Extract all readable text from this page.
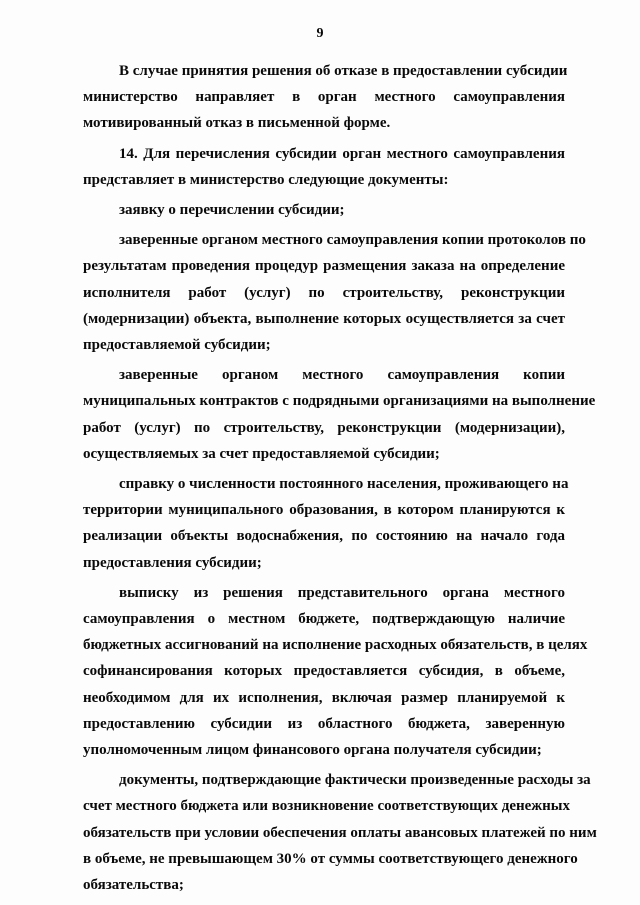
9

В случае принятия решения об отказе в предоставлении субсидии
министерство направляет в орган местного самоуправления
мотивированный отказ в письменной форме.

14. Для перечисления субсидии орган местного самоуправления
представляет в министерство следующие документы:

заявку о перечислении субсидии;

заверенные органом местного самоуправления копии протоколов по
результатам проведения процедур размещения заказа на определение
исполнителя работ (услуг) по строительству, реконструкции
(модернизации) объекта, выполнение которых осуществляется за счет
предоставляемой субсидии;

заверенные органом местного самоуправления копии
муниципальных контрактов с подрядными организациями на выполнение
работ (услуг) по строительству, реконструкции (модернизации),
осуществляемых за счет предоставляемой субсидии;

справку о численности постоянного населения, проживающего на
территории муниципального образования, в котором планируются к
реализации объекты водоснабжения, по состоянию на начало года
предоставления субсидии;

выписку из решения представительного органа местного
самоуправления о местном бюджете, подтверждающую наличие
бюджетных ассигнований на исполнение расходных обязательств, в целях
софинансирования которых предоставляется субсидия, в объеме,
необходимом для их исполнения, включая размер планируемой к
предоставлению субсидии из областного бюджета, заверенную
уполномоченным лицом финансового органа получателя субсидии;

документы, подтверждающие фактически произведенные расходы за
счет местного бюджета или возникновение соответствующих денежных
обязательств при условии обеспечения оплаты авансовых платежей по ним
в объеме, не превышающем 30% от суммы соответствующего денежного
обязательства;
